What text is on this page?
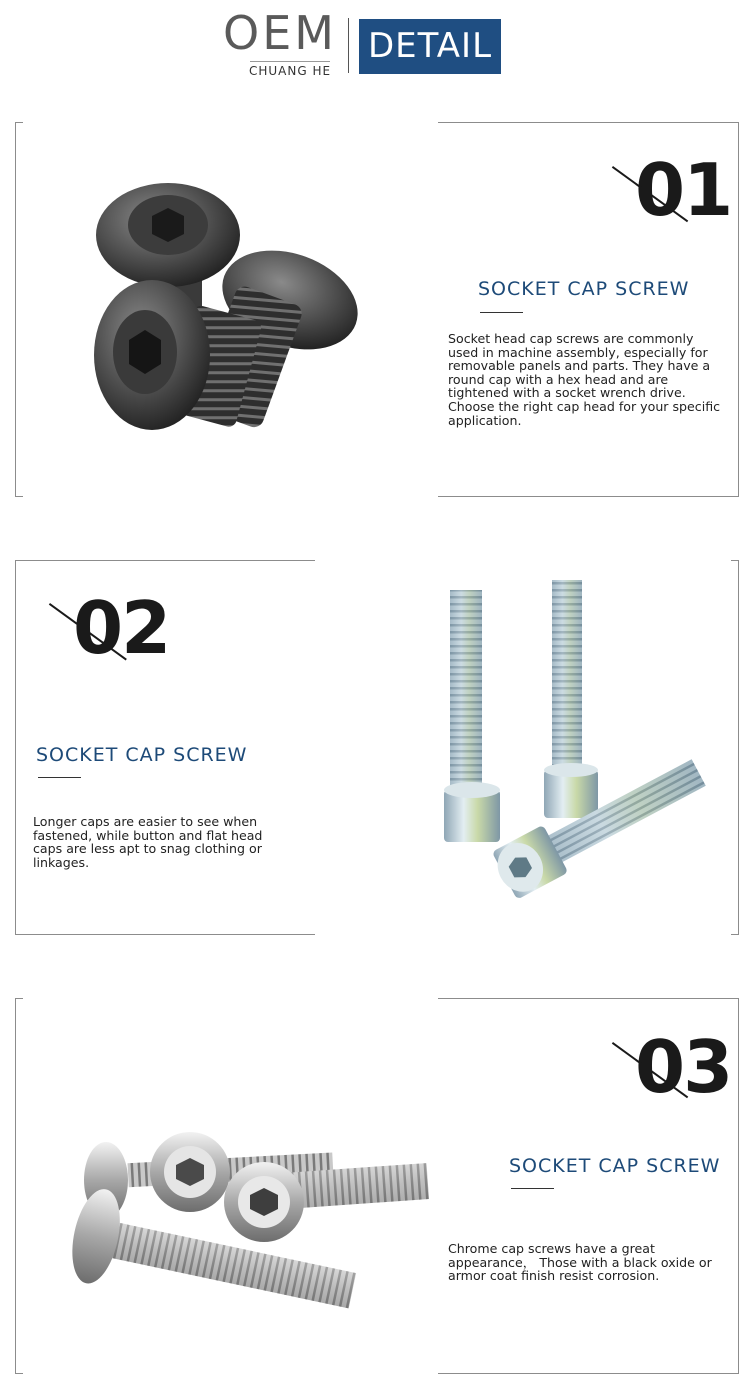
OEM
CHUANG HE
DETAIL
01
SOCKET CAP SCREW
Socket head cap screws are commonly used in machine assembly, especially for removable panels and parts. They have a round cap with a hex head and are tightened with a socket wrench drive. Choose the right cap head for your specific application.
02
SOCKET CAP SCREW
Longer caps are easier to see when fastened, while button and flat head caps are less apt to snag clothing or linkages.
03
SOCKET CAP SCREW
Chrome cap screws have a great appearance， Those with a black oxide or armor coat finish resist corrosion.
